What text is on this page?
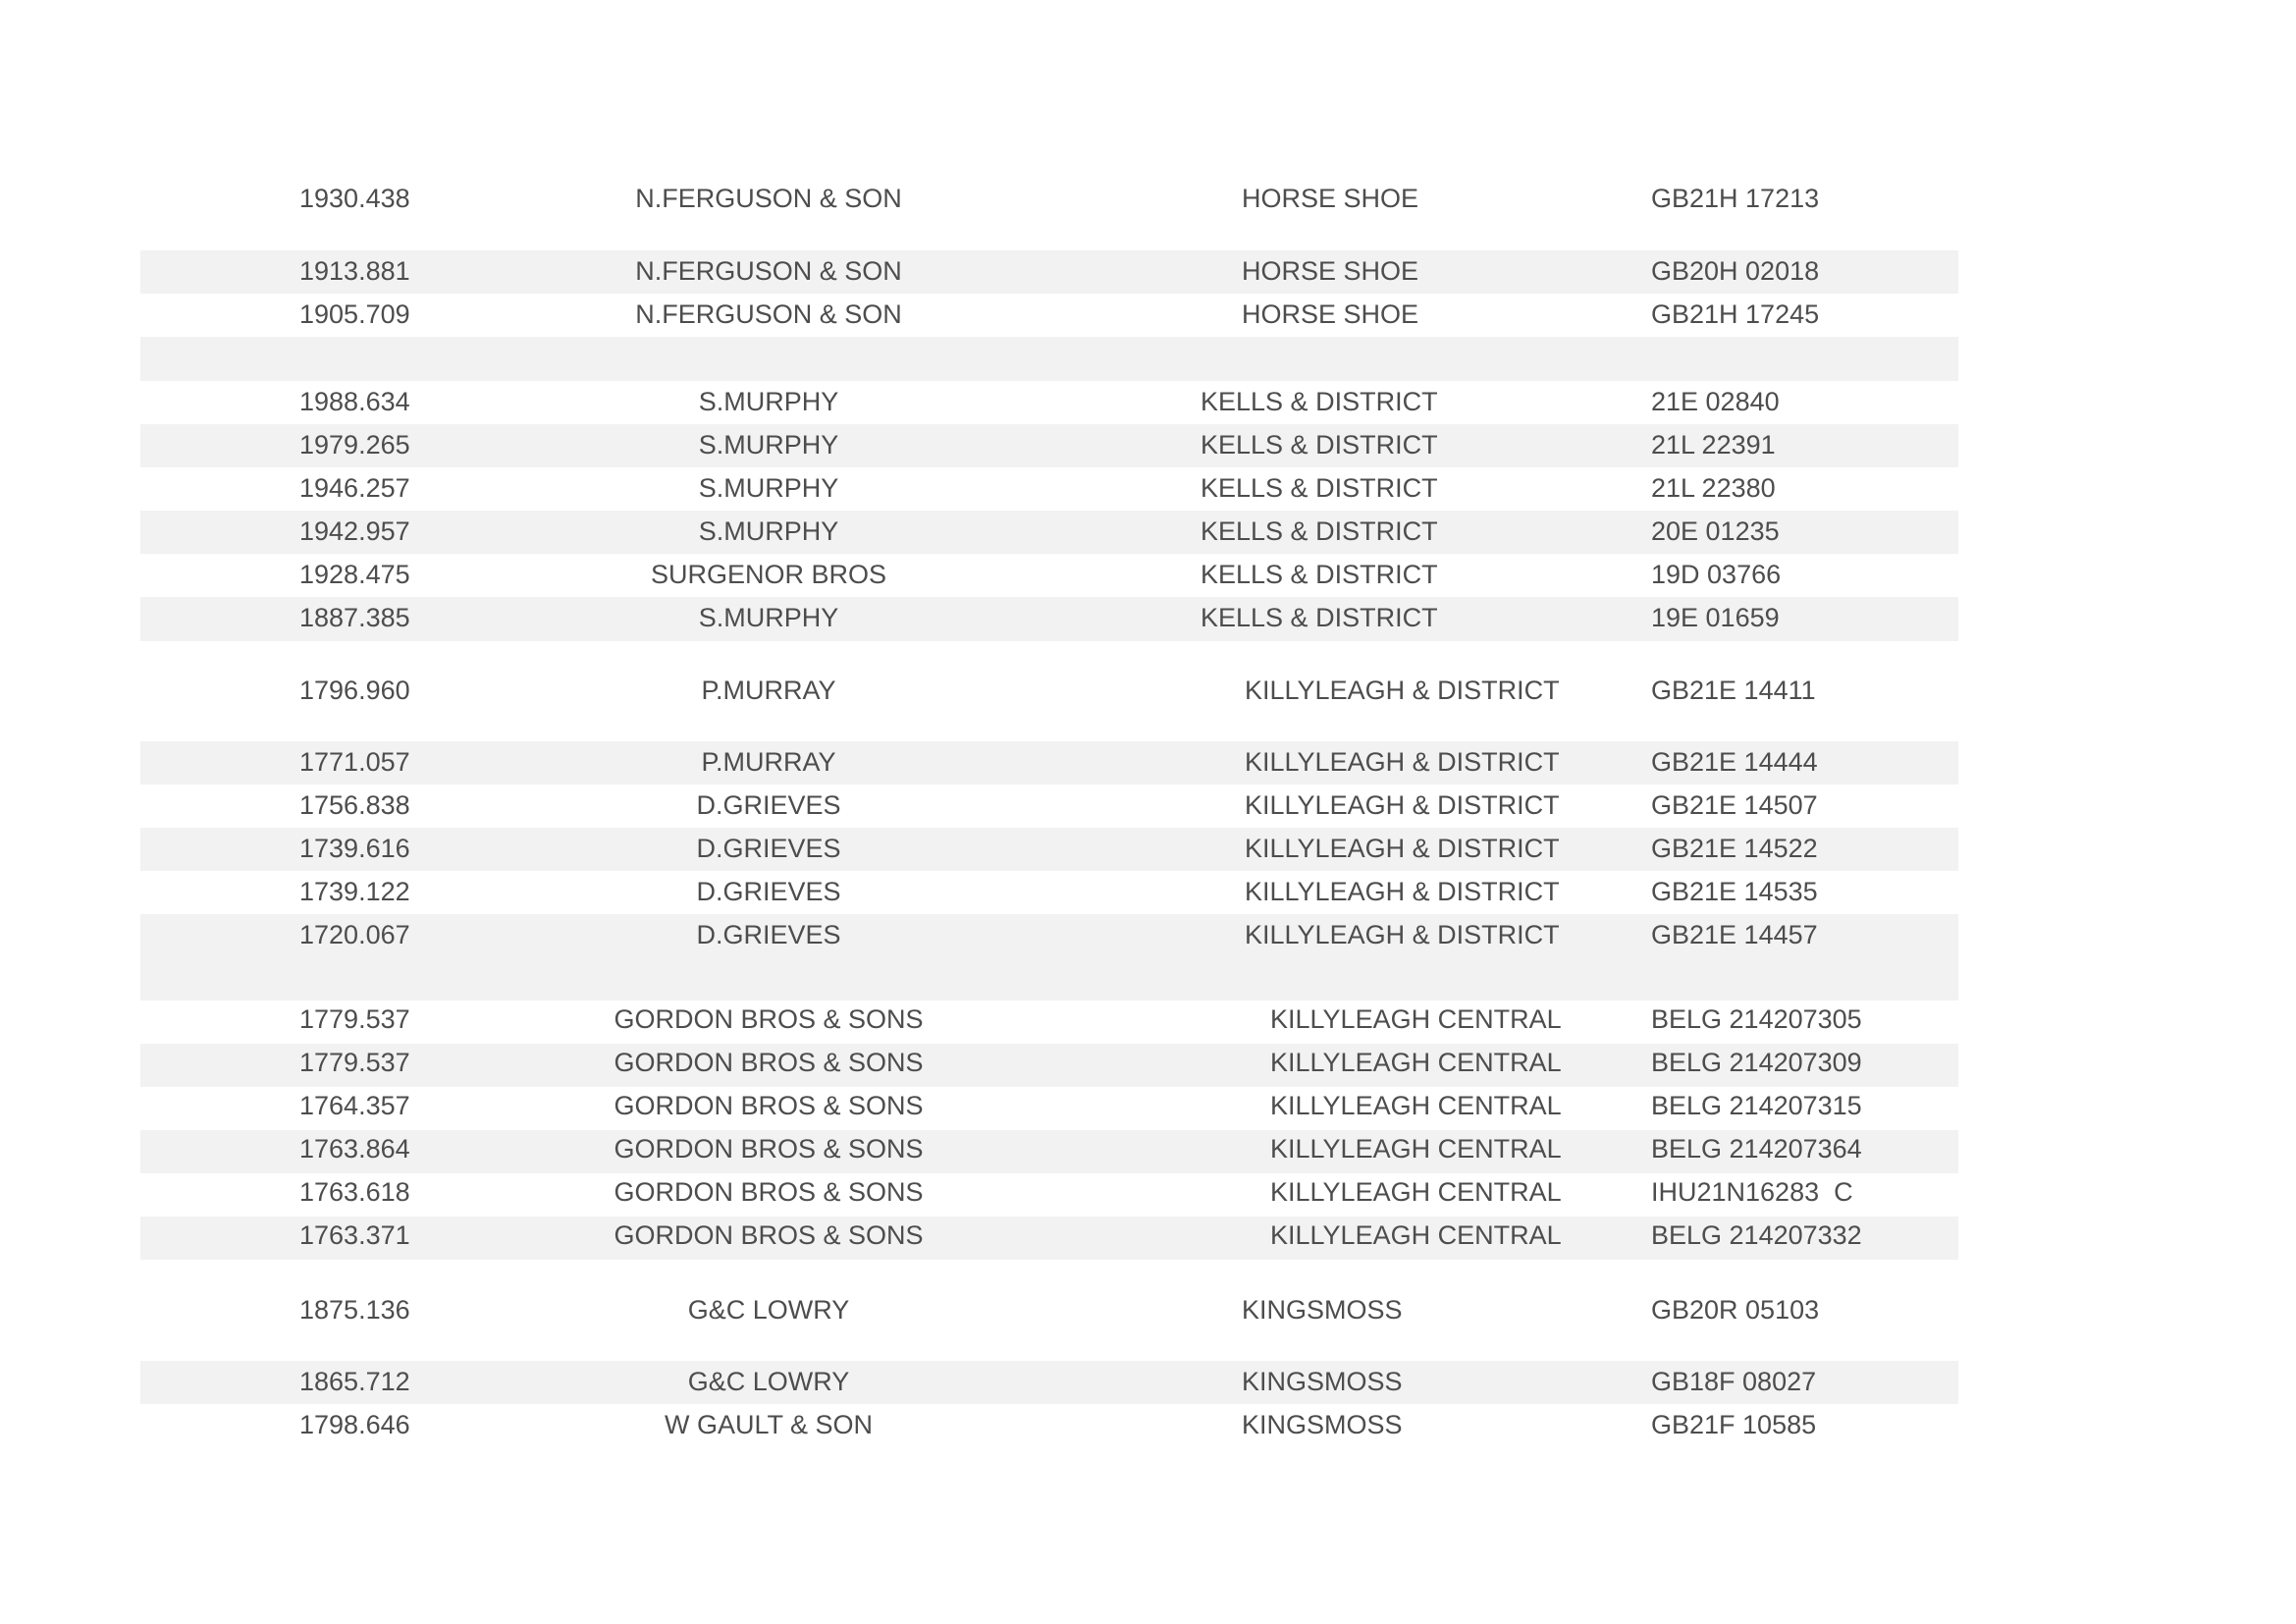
1930.438	N.FERGUSON & SON	HORSE SHOE	GB21H 17213
1913.881	N.FERGUSON & SON	HORSE SHOE	GB20H 02018
1905.709	N.FERGUSON & SON	HORSE SHOE	GB21H 17245
1988.634	S.MURPHY	KELLS & DISTRICT	21E 02840
1979.265	S.MURPHY	KELLS & DISTRICT	21L 22391
1946.257	S.MURPHY	KELLS & DISTRICT	21L 22380
1942.957	S.MURPHY	KELLS & DISTRICT	20E 01235
1928.475	SURGENOR BROS	KELLS & DISTRICT	19D 03766
1887.385	S.MURPHY	KELLS & DISTRICT	19E 01659
1796.960	P.MURRAY	KILLYLEAGH & DISTRICT	GB21E 14411
1771.057	P.MURRAY	KILLYLEAGH & DISTRICT	GB21E 14444
1756.838	D.GRIEVES	KILLYLEAGH & DISTRICT	GB21E 14507
1739.616	D.GRIEVES	KILLYLEAGH & DISTRICT	GB21E 14522
1739.122	D.GRIEVES	KILLYLEAGH & DISTRICT	GB21E 14535
1720.067	D.GRIEVES	KILLYLEAGH & DISTRICT	GB21E 14457
1779.537	GORDON BROS & SONS	KILLYLEAGH CENTRAL	BELG 214207305
1779.537	GORDON BROS & SONS	KILLYLEAGH CENTRAL	BELG 214207309
1764.357	GORDON BROS & SONS	KILLYLEAGH CENTRAL	BELG 214207315
1763.864	GORDON BROS & SONS	KILLYLEAGH CENTRAL	BELG 214207364
1763.618	GORDON BROS & SONS	KILLYLEAGH CENTRAL	IHU21N16283  C
1763.371	GORDON BROS & SONS	KILLYLEAGH CENTRAL	BELG 214207332
1875.136	G&C LOWRY	KINGSMOSS	GB20R 05103
1865.712	G&C LOWRY	KINGSMOSS	GB18F 08027
1798.646	W GAULT & SON	KINGSMOSS	GB21F 10585
